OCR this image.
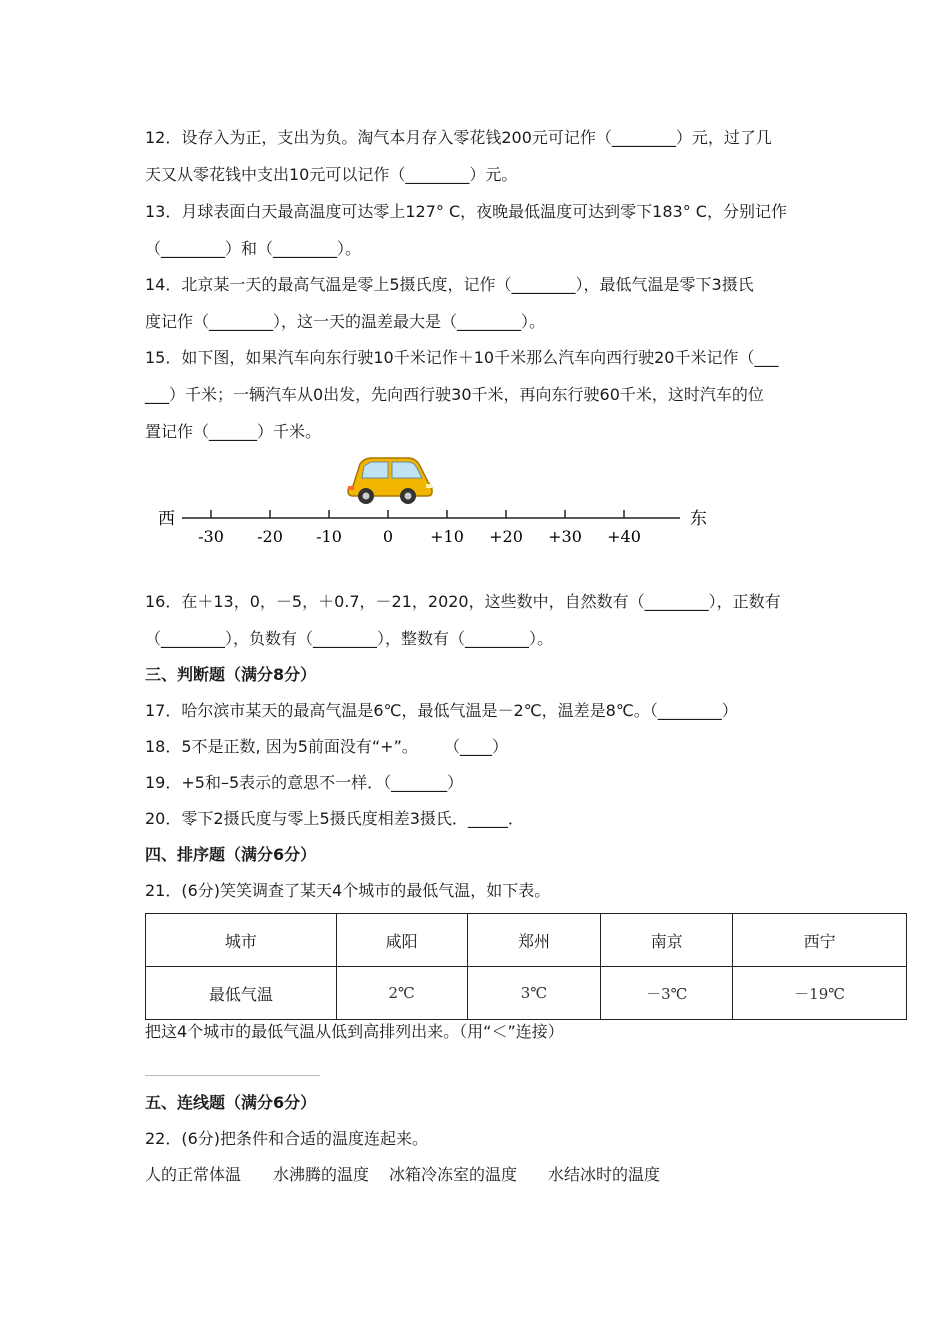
12．设存入为正，支出为负。淘气本月存入零花钱200元可记作（________）元，过了几
天又从零花钱中支出10元可以记作（________）元。
13．月球表面白天最高温度可达零上127° C，夜晚最低温度可达到零下183° C，分别记作
（________）和（________）。
14．北京某一天的最高气温是零上5摄氏度，记作（________），最低气温是零下3摄氏
度记作（________），这一天的温差最大是（________）。
15．如下图，如果汽车向东行驶10千米记作＋10千米那么汽车向西行驶20千米记作（___
___）千米；一辆汽车从0出发，先向西行驶30千米，再向东行驶60千米，这时汽车的位
置记作（______）千米。
西	东
-30 -20 -10	0 +10 +20 +30 +40
16．在＋13，0，－5，＋0.7，－21，2020，这些数中，自然数有（________），正数有
（________），负数有（________），整数有（________）。
三、判断题（满分8分）
17．哈尔滨市某天的最高气温是6℃，最低气温是－2℃，温差是8℃。（________）
18．5不是正数, 因为5前面没有“+”。 　 （____）
19．+5和–5表示的意思不一样．（_______）
20．零下2摄氏度与零上5摄氏度相差3摄氏．_____．
四、排序题（满分6分）
21．(6分)笑笑调查了某天4个城市的最低气温，如下表。
城市	咸阳	郑州	南京	西宁
最低气温	2℃	3℃	－3℃	－19℃
把这4个城市的最低气温从低到高排列出来。（用“＜”连接）
五、连线题（满分6分）
22．(6分)把条件和合适的温度连起来。
人的正常体温 水沸腾的温度 冰箱冷冻室的温度 水结冰时的温度
